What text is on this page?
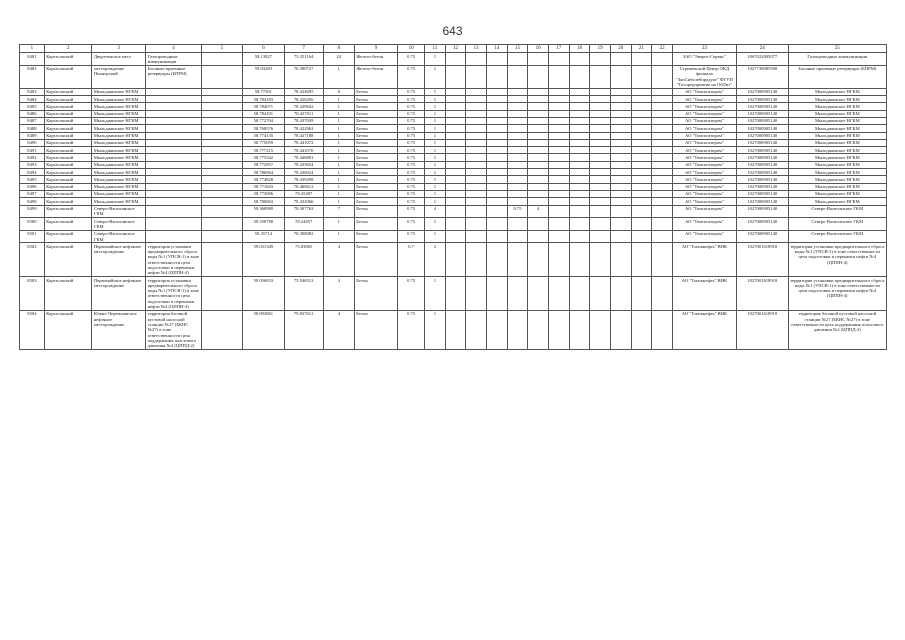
643
1	2	3	4	5	6	7	8	9	10	11	12	13	14	15	16	17	18	19	20	21	22	23	24	25
8481	Каргасокский	Двуреченское мест.	Газопроводные коммуникации		58.13827	75.351164	24	Железо-бетон	0.75	1												ЗАО "Энерго-Сервис"	1067022005077	Газопроводные коммуникации
8482	Каргасокский	месторождение Пионерский	Блочные приемные резервуары (БПРМ)		59.03283	76.580727	1	Железо-бетон	0.75	1												Стрежевской Центр ОКД филиала "ЗапСибхлебпродукт" ФГУП "Госпредприятие на ОбЛит"	1027739085500	Блочные приемные резервуары (БПРМ)
8483	Каргасокский	Мыльджинское НГКМ			58.77501	78.424695	6	Бетон	0.75	1												АО "Томскгазпром"	1027000905140	Мыльджинское НГКМ
8484	Каргасокский	Мыльджинское НГКМ			58.784183	78.426456	1	Бетон	0.75	1												АО "Томскгазпром"	1027000905140	Мыльджинское НГКМ
8485	Каргасокский	Мыльджинское НГКМ			58.784071	78.429642	1	Бетон	0.75	1												АО "Томскгазпром"	1027000905140	Мыльджинское НГКМ
8486	Каргасокский	Мыльджинское НГКМ			58.784291	78.427011	1	Бетон	0.75	1												АО "Томскгазпром"	1027000905140	Мыльджинское НГКМ
8487	Каргасокский	Мыльджинское НГКМ			58.772704	78.437039	1	Бетон	0.75	1												АО "Томскгазпром"	1027000905140	Мыльджинское НГКМ
8488	Каргасокский	Мыльджинское НГКМ			58.768576	78.422962	1	Бетон	0.75	1												АО "Томскгазпром"	1027000905140	Мыльджинское НГКМ
8489	Каргасокский	Мыльджинское НГКМ			58.774135	78.437188	1	Бетон	0.75	1												АО "Томскгазпром"	1027000905140	Мыльджинское НГКМ
8490	Каргасокский	Мыльджинское НГКМ			58.775059	78.441072	1	Бетон	0.75	1												АО "Томскгазпром"	1027000905140	Мыльджинское НГКМ
8491	Каргасокский	Мыльджинское НГКМ			58.777215	78.443570	1	Бетон	0.75	1												АО "Томскгазпром"	1027000905140	Мыльджинское НГКМ
8492	Каргасокский	Мыльджинское НГКМ			58.775342	78.446881	1	Бетон	0.75	1												АО "Томскгазпром"	1027000905140	Мыльджинское НГКМ
8493	Каргасокский	Мыльджинское НГКМ			58.772957	78.435654	1	Бетон	0.75	1												АО "Томскгазпром"	1027000905140	Мыльджинское НГКМ
8494	Каргасокский	Мыльджинское НГКМ			58.786964	78.436024	1	Бетон	0.75	1												АО "Томскгазпром"	1027000905140	Мыльджинское НГКМ
8495	Каргасокский	Мыльджинское НГКМ			58.774828	78.439298	1	Бетон	0.75	1												АО "Томскгазпром"	1027000905140	Мыльджинское НГКМ
8496	Каргасокский	Мыльджинское НГКМ			58.771643	78.460612	1	Бетон	0.75	1												АО "Томскгазпром"	1027000905140	Мыльджинское НГКМ
8497	Каргасокский	Мыльджинское НГКМ			58.773096	78.45287	1	Бетон	0.75	1												АО "Томскгазпром"	1027000905140	Мыльджинское НГКМ
8498	Каргасокский	Мыльджинское НГКМ			58.780063	78.432066	1	Бетон	0.75	1												АО "Томскгазпром"	1027000905140	Мыльджинское НГКМ
8499	Каргасокский	Северо-Васюганское ГКМ			59.360080	78.307762	7	Бетон	0.75	4				0.75	4							АО "Томскгазпром"	1027000905140	Северо-Васюганское ГКМ
8500	Каргасокский	Северо-Васюганское ГКМ			59.358788	78.24457	1	Бетон	0.75	1												АО "Томскгазпром"	1027000905140	Северо-Васюганское ГКМ
8501	Каргасокский	Северо-Васюганское ГКМ			59.35714	78.308082	1	Бетон	0.75	1												АО "Томскгазпром"	1027000905140	Северо-Васюганское ГКМ
8502	Каргасокский	Первомайское нефтяное месторождение	территория установки предварительного сброса воды №1 (УПСВ-1) в зоне ответственности цеха подготовки и перекачки нефти №4 (ЦППН-4)		59.031349	75.83065	4	Бетон	0.7	2												АО "Томскнефть" ВНК	1027001618918	территория установки предварительного сброса воды №1 (УПСВ-1) в зоне ответственности цеха подготовки и перекачки нефти №4 (ЦППН-4)
8503	Каргасокский	Первомайское нефтяное месторождение	территория установки предварительного сброса воды №1 (УПСВ-1) в зоне ответственности цеха подготовки и перекачки нефти №4 (ЦППН-4)		59.056833	75.946512	4	Бетон	0.75	1												АО "Томскнефть" ВНК	1027001618918	территория установки предварительного сброса воды №1 (УПСВ-1) в зоне ответственности цеха подготовки и перекачки нефти №4 (ЦППН-4)
8504	Каргасокский	Южно-Черемшанское нефтяное месторождение	территория блочной кустовой насосной станции №27 (БКНС №27) в зоне ответственности цеха поддержания пластового давления №2 (ЦППД-2)		58.893861	79.837612	4	Бетон	0.75	1												АО "Томскнефть" ВНК	1027001618918	территория блочной кустовой насосной станции №27 (БКНС №27) в зоне ответственности цеха поддержания пластового давления №2 (ЦППД-2)
